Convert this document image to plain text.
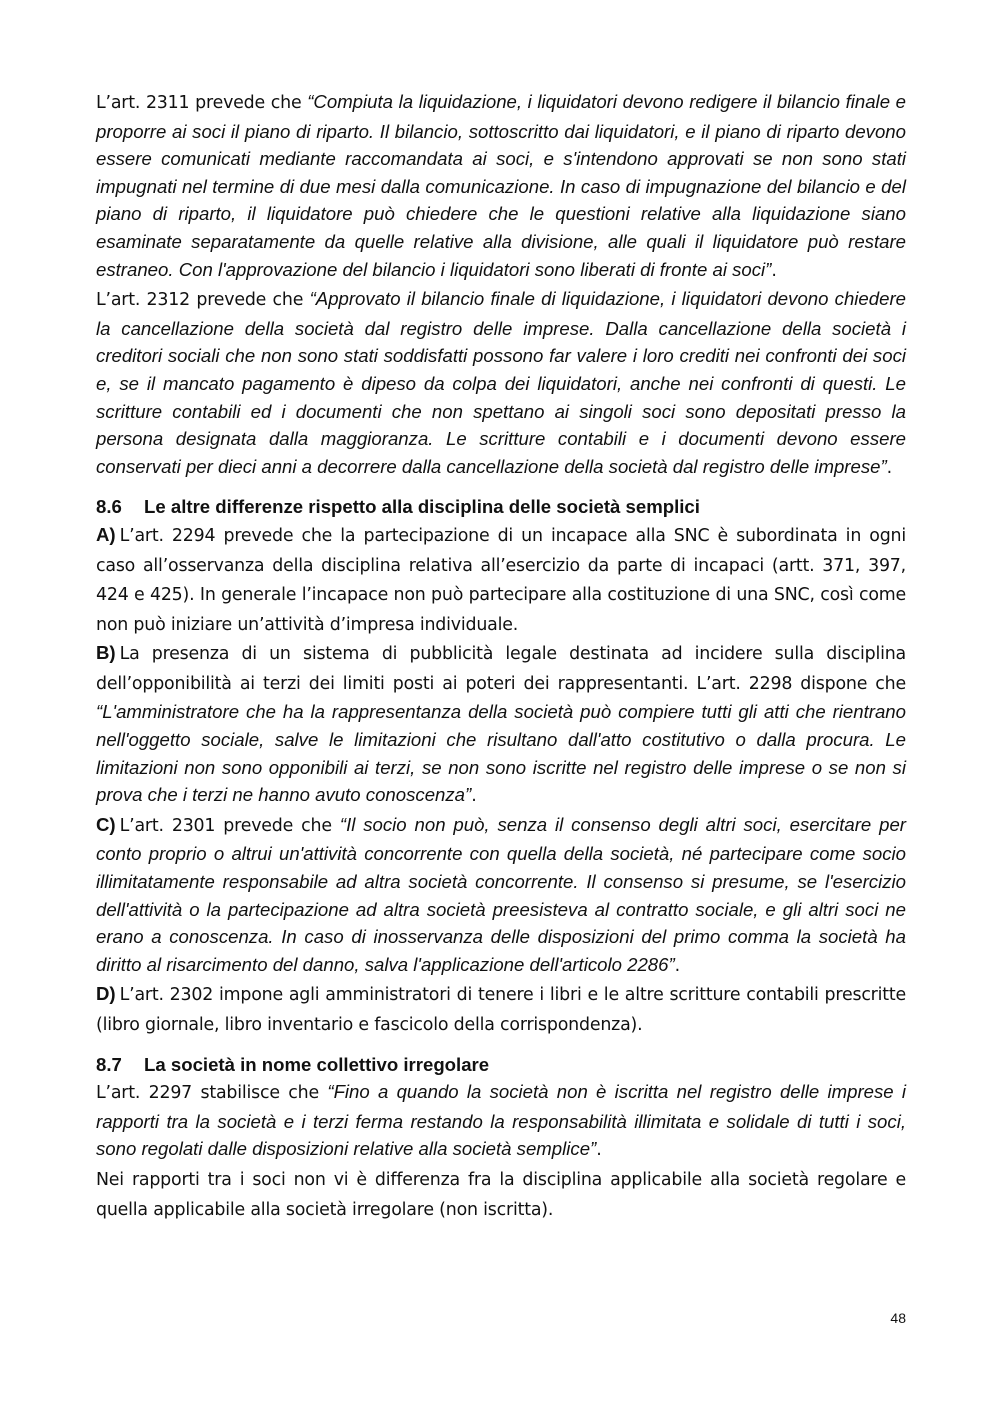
L’art. 2311 prevede che “Compiuta la liquidazione, i liquidatori devono redigere il bilancio finale e proporre ai soci il piano di riparto. Il bilancio, sottoscritto dai liquidatori, e il piano di riparto devono essere comunicati mediante raccomandata ai soci, e s'intendono approvati se non sono stati impugnati nel termine di due mesi dalla comunicazione. In caso di impugnazione del bilancio e del piano di riparto, il liquidatore può chiedere che le questioni relative alla liquidazione siano esaminate separatamente da quelle relative alla divisione, alle quali il liquidatore può restare estraneo. Con l'approvazione del bilancio i liquidatori sono liberati di fronte ai soci”.

L’art. 2312 prevede che “Approvato il bilancio finale di liquidazione, i liquidatori devono chiedere la cancellazione della società dal registro delle imprese. Dalla cancellazione della società i creditori sociali che non sono stati soddisfatti possono far valere i loro crediti nei confronti dei soci e, se il mancato pagamento è dipeso da colpa dei liquidatori, anche nei confronti di questi. Le scritture contabili ed i documenti che non spettano ai singoli soci sono depositati presso la persona designata dalla maggioranza. Le scritture contabili e i documenti devono essere conservati per dieci anni a decorrere dalla cancellazione della società dal registro delle imprese”.

8.6 Le altre differenze rispetto alla disciplina delle società semplici

A) L’art. 2294 prevede che la partecipazione di un incapace alla SNC è subordinata in ogni caso all’osservanza della disciplina relativa all’esercizio da parte di incapaci (artt. 371, 397, 424 e 425). In generale l’incapace non può partecipare alla costituzione di una SNC, così come non può iniziare un’attività d’impresa individuale.

B) La presenza di un sistema di pubblicità legale destinata ad incidere sulla disciplina dell’opponibilità ai terzi dei limiti posti ai poteri dei rappresentanti. L’art. 2298 dispone che “L'amministratore che ha la rappresentanza della società può compiere tutti gli atti che rientrano nell'oggetto sociale, salve le limitazioni che risultano dall'atto costitutivo o dalla procura. Le limitazioni non sono opponibili ai terzi, se non sono iscritte nel registro delle imprese o se non si prova che i terzi ne hanno avuto conoscenza”.

C) L’art. 2301 prevede che “Il socio non può, senza il consenso degli altri soci, esercitare per conto proprio o altrui un'attività concorrente con quella della società, né partecipare come socio illimitatamente responsabile ad altra società concorrente. Il consenso si presume, se l'esercizio dell'attività o la partecipazione ad altra società preesisteva al contratto sociale, e gli altri soci ne erano a conoscenza. In caso di inosservanza delle disposizioni del primo comma la società ha diritto al risarcimento del danno, salva l'applicazione dell'articolo 2286”.

D) L’art. 2302 impone agli amministratori di tenere i libri e le altre scritture contabili prescritte (libro giornale, libro inventario e fascicolo della corrispondenza).

8.7 La società in nome collettivo irregolare

L’art. 2297 stabilisce che “Fino a quando la società non è iscritta nel registro delle imprese i rapporti tra la società e i terzi ferma restando la responsabilità illimitata e solidale di tutti i soci, sono regolati dalle disposizioni relative alla società semplice”.

Nei rapporti tra i soci non vi è differenza fra la disciplina applicabile alla società regolare e quella applicabile alla società irregolare (non iscritta).

48
